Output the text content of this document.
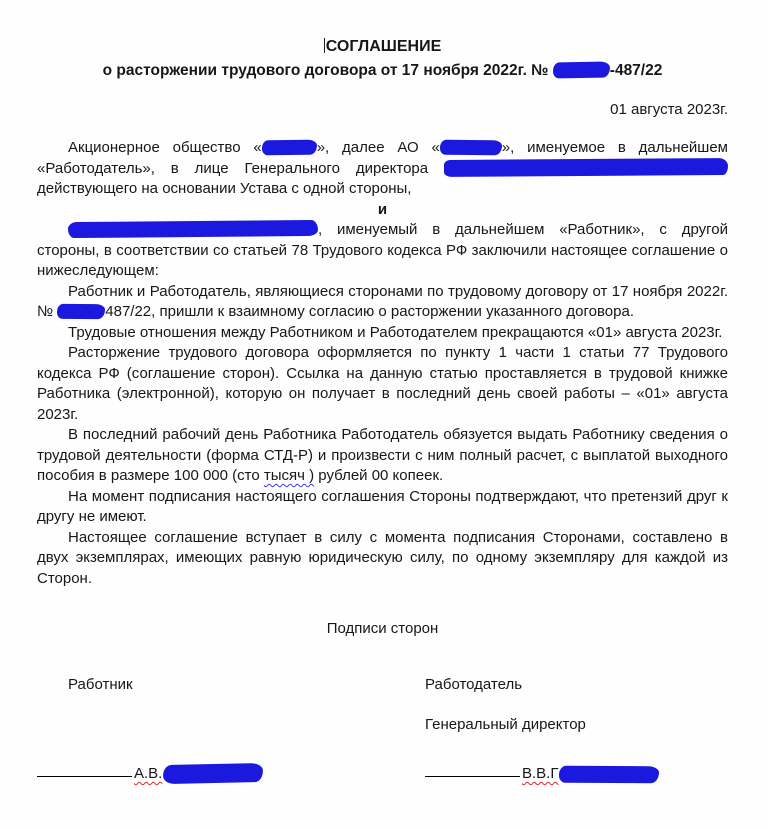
СОГЛАШЕНИЕ
о расторжении трудового договора от 17 ноября 2022г. №	-487/22
01 августа 2023г.

Акционерное общество «	», далее АО «	», именуемое в дальнейшем «Работодатель», в лице Генерального директора  действующего на основании Устава с одной стороны,

и

, именуемый в дальнейшем «Работник», с другой стороны, в соответствии со статьей 78 Трудового кодекса РФ заключили настоящее соглашение о нижеследующем:

Работник и Работодатель, являющиеся сторонами по трудовому договору от 17 ноября 2022г. №	487/22, пришли к взаимному согласию о расторжении указанного договора.

Трудовые отношения между Работником и Работодателем прекращаются «01» августа 2023г.

Расторжение трудового договора оформляется по пункту 1 части 1 статьи 77 Трудового кодекса РФ (соглашение сторон). Ссылка на данную статью проставляется в трудовой книжке Работника (электронной), которую он получает в последний день своей работы – «01» августа 2023г.

В последний рабочий день Работника Работодатель обязуется выдать Работнику сведения о трудовой деятельности (форма СТД-Р) и произвести с ним полный расчет, с выплатой выходного пособия в размере 100 000 (сто тысяч ) рублей 00 копеек.

На момент подписания настоящего соглашения Стороны подтверждают, что претензий друг к другу не имеют.

Настоящее соглашение вступает в силу с момента подписания Сторонами, составлено в двух экземплярах, имеющих равную юридическую силу, по одному экземпляру для каждой из Сторон.

Подписи сторон
Работник	Работодатель
Генеральный директор
А.В.	В.В.Г
